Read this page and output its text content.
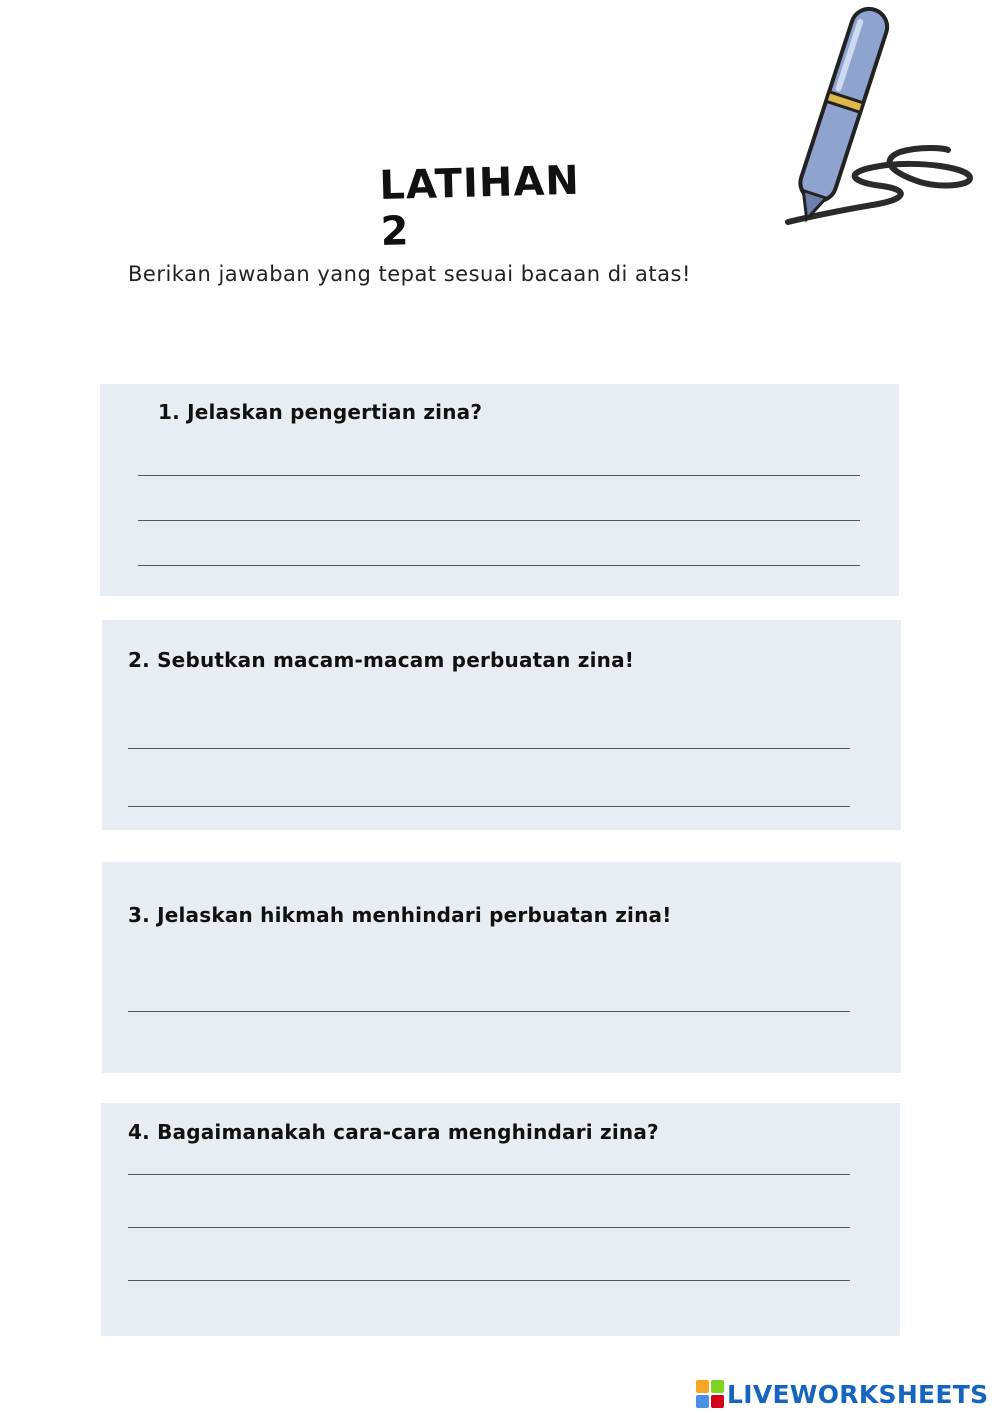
LATIHAN 2
Berikan jawaban yang tepat sesuai bacaan di atas!
1. Jelaskan pengertian zina?
2. Sebutkan macam-macam perbuatan zina!
3. Jelaskan hikmah menhindari perbuatan zina!
4. Bagaimanakah cara-cara menghindari zina?
LIVEWORKSHEETS
